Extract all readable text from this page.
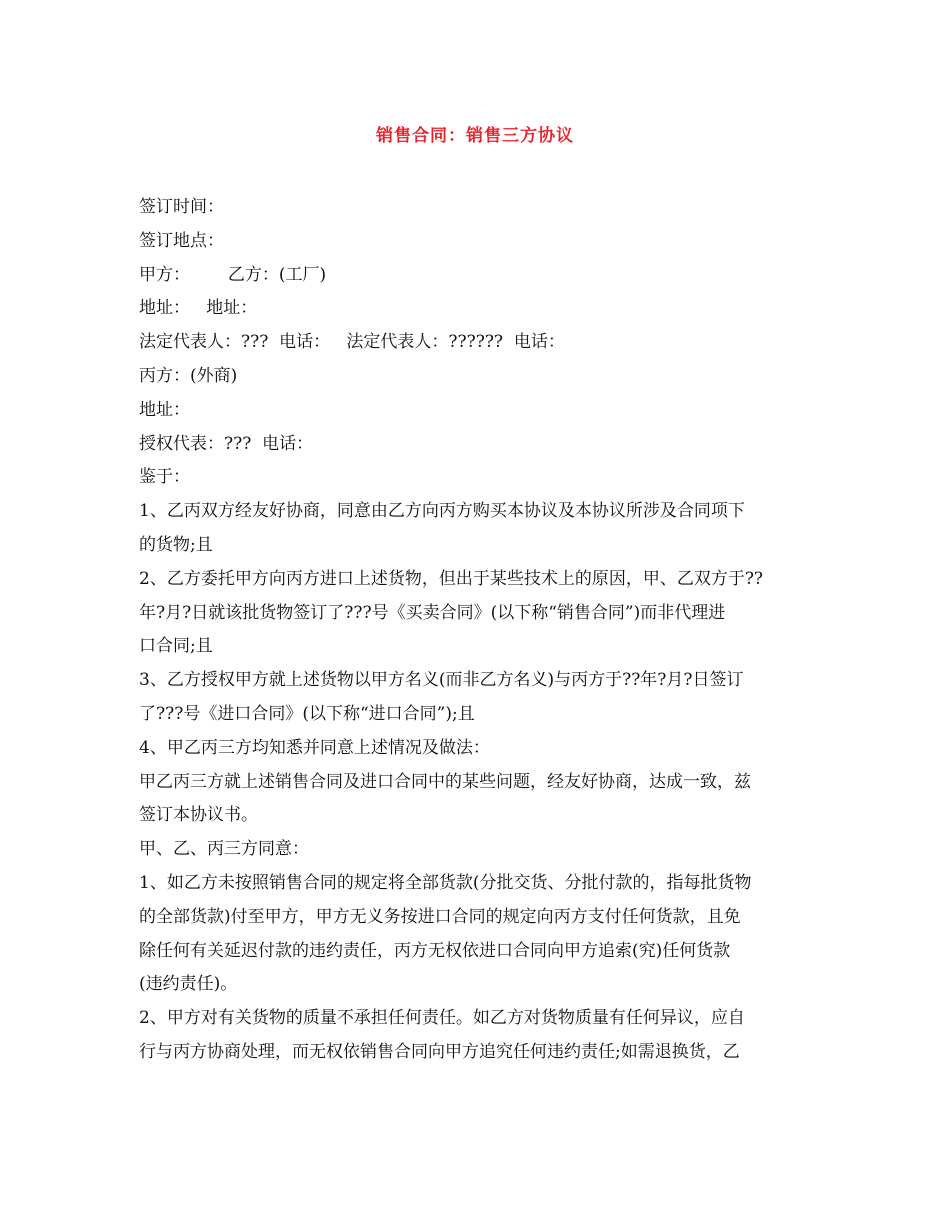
销售合同：销售三方协议
签订时间：
签订地点：
甲方：       乙方：(工厂)
地址：   地址：
法定代表人：???  电话：   法定代表人：??????  电话：
丙方：(外商)
地址：
授权代表：???  电话：
鉴于：
1、乙丙双方经友好协商，同意由乙方向丙方购买本协议及本协议所涉及合同项下
的货物;且
2、乙方委托甲方向丙方进口上述货物，但出于某些技术上的原因，甲、乙双方于??
年?月?日就该批货物签订了???号《买卖合同》(以下称“销售合同”)而非代理进
口合同;且
3、乙方授权甲方就上述货物以甲方名义(而非乙方名义)与丙方于??年?月?日签订
了???号《进口合同》(以下称“进口合同”);且
4、甲乙丙三方均知悉并同意上述情况及做法：
甲乙丙三方就上述销售合同及进口合同中的某些问题，经友好协商，达成一致，兹
签订本协议书。
甲、乙、丙三方同意：
1、如乙方未按照销售合同的规定将全部货款(分批交货、分批付款的，指每批货物
的全部货款)付至甲方，甲方无义务按进口合同的规定向丙方支付任何货款，且免
除任何有关延迟付款的违约责任，丙方无权依进口合同向甲方追索(究)任何货款
(违约责任)。
2、甲方对有关货物的质量不承担任何责任。如乙方对货物质量有任何异议，应自
行与丙方协商处理，而无权依销售合同向甲方追究任何违约责任;如需退换货，乙
